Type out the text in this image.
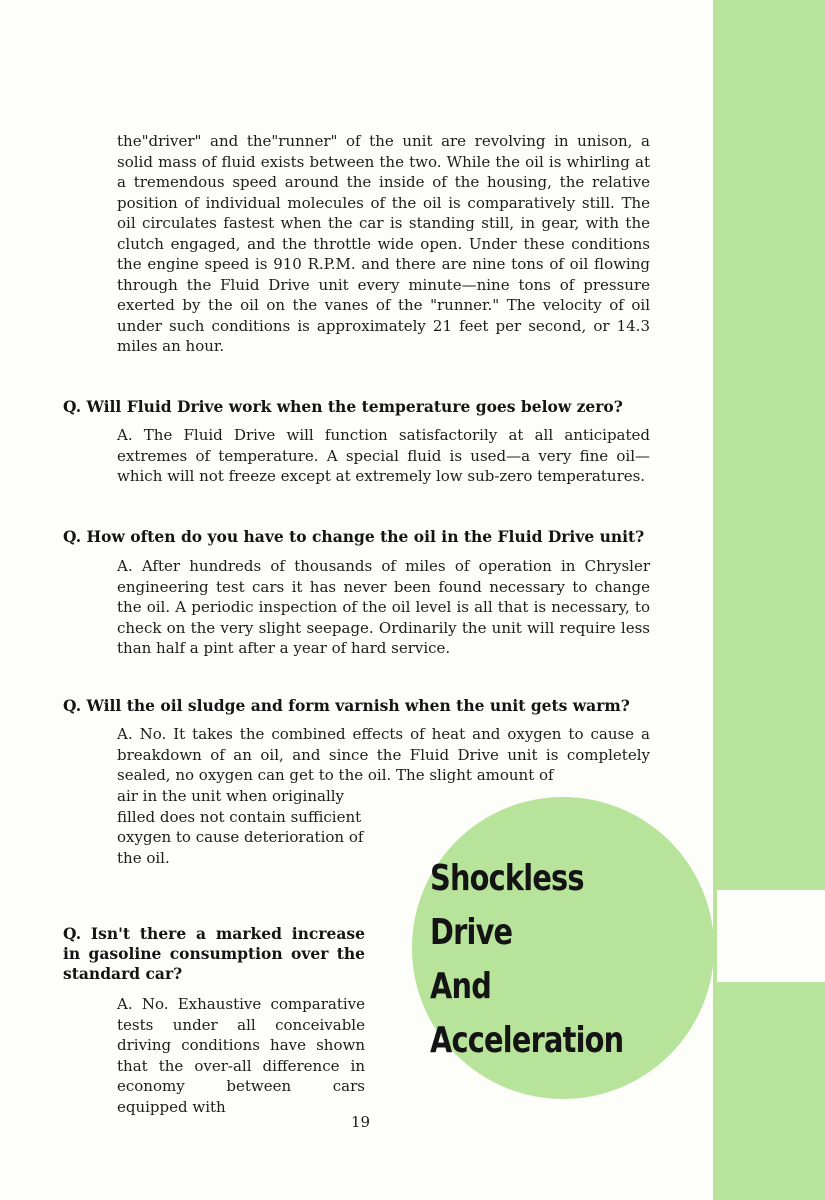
Shockless
Drive And
Acceleration

the"driver" and the"runner" of the unit are revolving in unison, a solid mass of fluid exists between the two. While the oil is whirling at a tremendous speed around the inside of the housing, the relative position of individual molecules of the oil is comparatively still. The oil circulates fastest when the car is standing still, in gear, with the clutch engaged, and the throttle wide open. Under these conditions the engine speed is 910 R.P.M. and there are nine tons of oil flowing through the Fluid Drive unit every minute—nine tons of pressure exerted by the oil on the vanes of the "runner." The velocity of oil under such conditions is approximately 21 feet per second, or 14.3 miles an hour.

Q. Will Fluid Drive work when the temperature goes below zero?

A. The Fluid Drive will function satisfactorily at all anticipated extremes of temperature. A special fluid is used—a very fine oil—which will not freeze except at extremely low sub-zero temperatures.

Q. How often do you have to change the oil in the Fluid Drive unit?

A. After hundreds of thousands of miles of operation in Chrysler engineering test cars it has never been found necessary to change the oil. A periodic inspection of the oil level is all that is necessary, to check on the very slight seepage. Ordinarily the unit will require less than half a pint after a year of hard service.

Q. Will the oil sludge and form varnish when the unit gets warm?

A. No. It takes the combined effects of heat and oxygen to cause a breakdown of an oil, and since the Fluid Drive unit is completely sealed, no oxygen can get to the oil. The slight amount of

air in the unit when originally filled does not contain sufficient oxygen to cause deterioration of the oil.

Q. Isn't there a marked increase in gasoline consumption over the standard car?

A. No. Exhaustive comparative tests under all conceivable driving conditions have shown that the over-all difference in economy between cars equipped with

19
